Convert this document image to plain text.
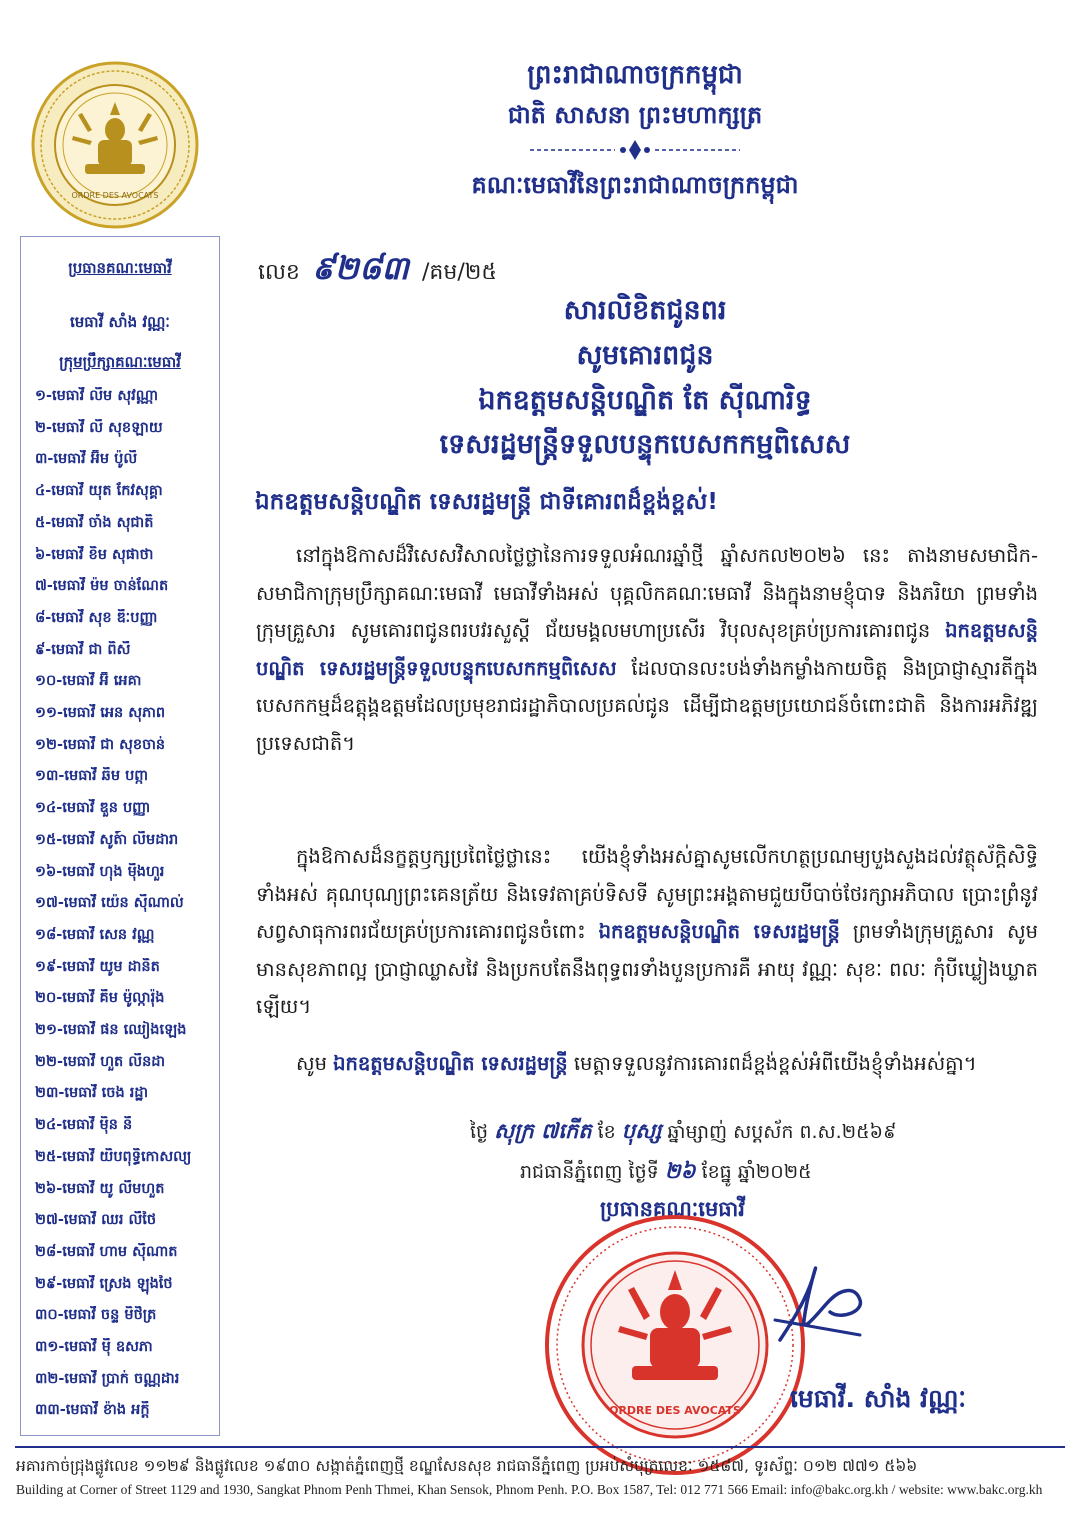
ORDRE DES AVOCATS
ព្រះរាជាណាចក្រកម្ពុជា
ជាតិ សាសនា ព្រះមហាក្សត្រ
គណៈមេធាវីនៃព្រះរាជាណាចក្រកម្ពុជា
ប្រធានគណៈមេធាវី
មេធាវី សាំង វណ្ណៈ
ក្រុមប្រឹក្សាគណៈមេធាវី
១-មេធាវី លីម សុវណ្ណា
២-មេធាវី លី សុខឡាយ
៣-មេធាវី អ៊ឹម ប៉ូលី
៤-មេធាវី យុត កែវសុគ្គា
៥-មេធាវី ចាំង សុជាតិ
៦-មេធាវី ខិម សុផាថា
៧-មេធាវី ម៉ម ចាន់ណែត
៨-មេធាវី សុខ ឌីៈបញ្ញា
៩-មេធាវី ជា ពិសី
១០-មេធាវី អ៊ឹ អេគា
១១-មេធាវី អេន សុភាព
១២-មេធាវី ជា សុខចាន់
១៣-មេធាវី ឆឹម បព្កា
១៤-មេធាវី ឌួន បញ្ញា
១៥-មេធាវី សូត៍ា លីមដារា
១៦-មេធាវី ហុង ម៉ីងហួរ
១៧-មេធាវី យ៉េន ស៊ីណាល់
១៨-មេធាវី សេន វណ្ណ
១៩-មេធាវី យូម ដានិត
២០-មេធាវី គឹម ម៉ូល្ការ៉ុង
២១-មេធាវី ផន ឈៀងឡេង
២២-មេធាវី ហួត លីនដា
២៣-មេធាវី ចេង រដ្ឋា
២៤-មេធាវី ម៉ិន នី
២៥-មេធាវី យិបពុទ្ធិកោសល្យ
២៦-មេធាវី យូ លីមហួត
២៧-មេធាវី ឈរ លីថៃ
២៨-មេធាវី ហាម ស៊ីណាត
២៩-មេធាវី ស្រេង ឡុងថៃ
៣០-មេធាវី ចន្ទ មិថិត្រ
៣១-មេធាវី ម៉ី ឧសភា
៣២-មេធាវី ប្រាក់ ចណ្ណដារ
៣៣-មេធាវី ខ៉ាង អក្តី
លេខ ៩២៨៣ /គម/២៥
សារលិខិតជូនពរ
សូមគោរពជូន
ឯកឧត្តមសន្តិបណ្ឌិត តែ ស៊ីណារិទ្ធ
ទេសរដ្ឋមន្ត្រីទទួលបន្ទុកបេសកកម្មពិសេស
ឯកឧត្តមសន្តិបណ្ឌិត ទេសរដ្ឋមន្ត្រី ជាទីគោរពដ៏ខ្ពង់ខ្ពស់!
នៅក្នុងឱកាសដ៏វិសេសវិសាលថ្លៃថ្លានៃការទទួលអំណរឆ្នាំថ្មី ឆ្នាំសកល២០២៦ នេះ តាងនាមសមាជិក-សមាជិកាក្រុមប្រឹក្សាគណៈមេធាវី មេធាវីទាំងអស់ បុគ្គលិកគណៈមេធាវី និងក្នុងនាមខ្ញុំបាទ និងភរិយា ព្រមទាំងក្រុមគ្រួសារ សូមគោរពជូនពរបវរសួស្តី ជ័យមង្គលមហាប្រសើរ វិបុលសុខគ្រប់ប្រការគោរពជូន ឯកឧត្តមសន្តិបណ្ឌិត ទេសរដ្ឋមន្ត្រីទទួលបន្ទុកបេសកកម្មពិសេស ដែលបានលះបង់ទាំងកម្លាំងកាយចិត្ត និងប្រាជ្ញាស្មារតីក្នុងបេសកកម្មដ៏ឧត្តុង្គឧត្តមដែលប្រមុខរាជរដ្ឋាភិបាលប្រគល់ជូន ដើម្បីជាឧត្តមប្រយោជន៍ចំពោះជាតិ និងការអភិវឌ្ឍប្រទេសជាតិ។
ក្នុងឱកាសដ៏នក្ខត្តឫក្សប្រពៃថ្លៃថ្លានេះ យើងខ្ញុំទាំងអស់គ្នាសូមលើកហត្ថប្រណម្យបួងសួងដល់វត្ថុស័ក្តិសិទ្ធិទាំងអស់ គុណបុណ្យព្រះគេនត្រ័យ និងទេវតាគ្រប់ទិសទី សូមព្រះអង្គតាមជួយបីបាច់ថែរក្សាអភិបាល ប្រោះព្រំនូវសព្វសាធុការពរជ័យគ្រប់ប្រការគោរពជូនចំពោះ ឯកឧត្តមសន្តិបណ្ឌិត ទេសរដ្ឋមន្ត្រី ព្រមទាំងក្រុមគ្រួសារ សូមមានសុខភាពល្អ ប្រាជ្ញាឈ្លាសវៃ និងប្រកបតែនឹងពុទ្ធពរទាំងបួនប្រការគឺ អាយុ វណ្ណៈ សុខៈ ពលៈ កុំបីឃ្លៀងឃ្លាតឡើយ។
សូម ឯកឧត្តមសន្តិបណ្ឌិត ទេសរដ្ឋមន្ត្រី មេត្តាទទួលនូវការគោរពដ៏ខ្ពង់ខ្ពស់អំពីយើងខ្ញុំទាំងអស់គ្នា។
ថ្ងៃ សុក្រ ៧កើត ខែ បុស្ស ឆ្នាំម្សាញ់ សប្តស័ក ព.ស.២៥៦៩
រាជធានីភ្នំពេញ ថ្ងៃទី ២៦ ខែធ្នូ ឆ្នាំ២០២៥
ប្រធានគណៈមេធាវី
ORDRE DES AVOCATS មេធាវី. សាំង វណ្ណៈ
អគារកាច់ជ្រុងផ្លូវលេខ ១១២៩ និងផ្លូវលេខ ១៩៣០ សង្កាត់ភ្នំពេញថ្មី ខណ្ឌសែនសុខ រាជធានីភ្នំពេញ ប្រអប់សំបុត្រលេខៈ ១៥៨៧, ទូរស័ព្ទៈ ០១២ ៧៧១ ៥៦៦
Building at Corner of Street 1129 and 1930, Sangkat Phnom Penh Thmei, Khan Sensok, Phnom Penh. P.O. Box 1587, Tel: 012 771 566 Email: info@bakc.org.kh / website: www.bakc.org.kh
